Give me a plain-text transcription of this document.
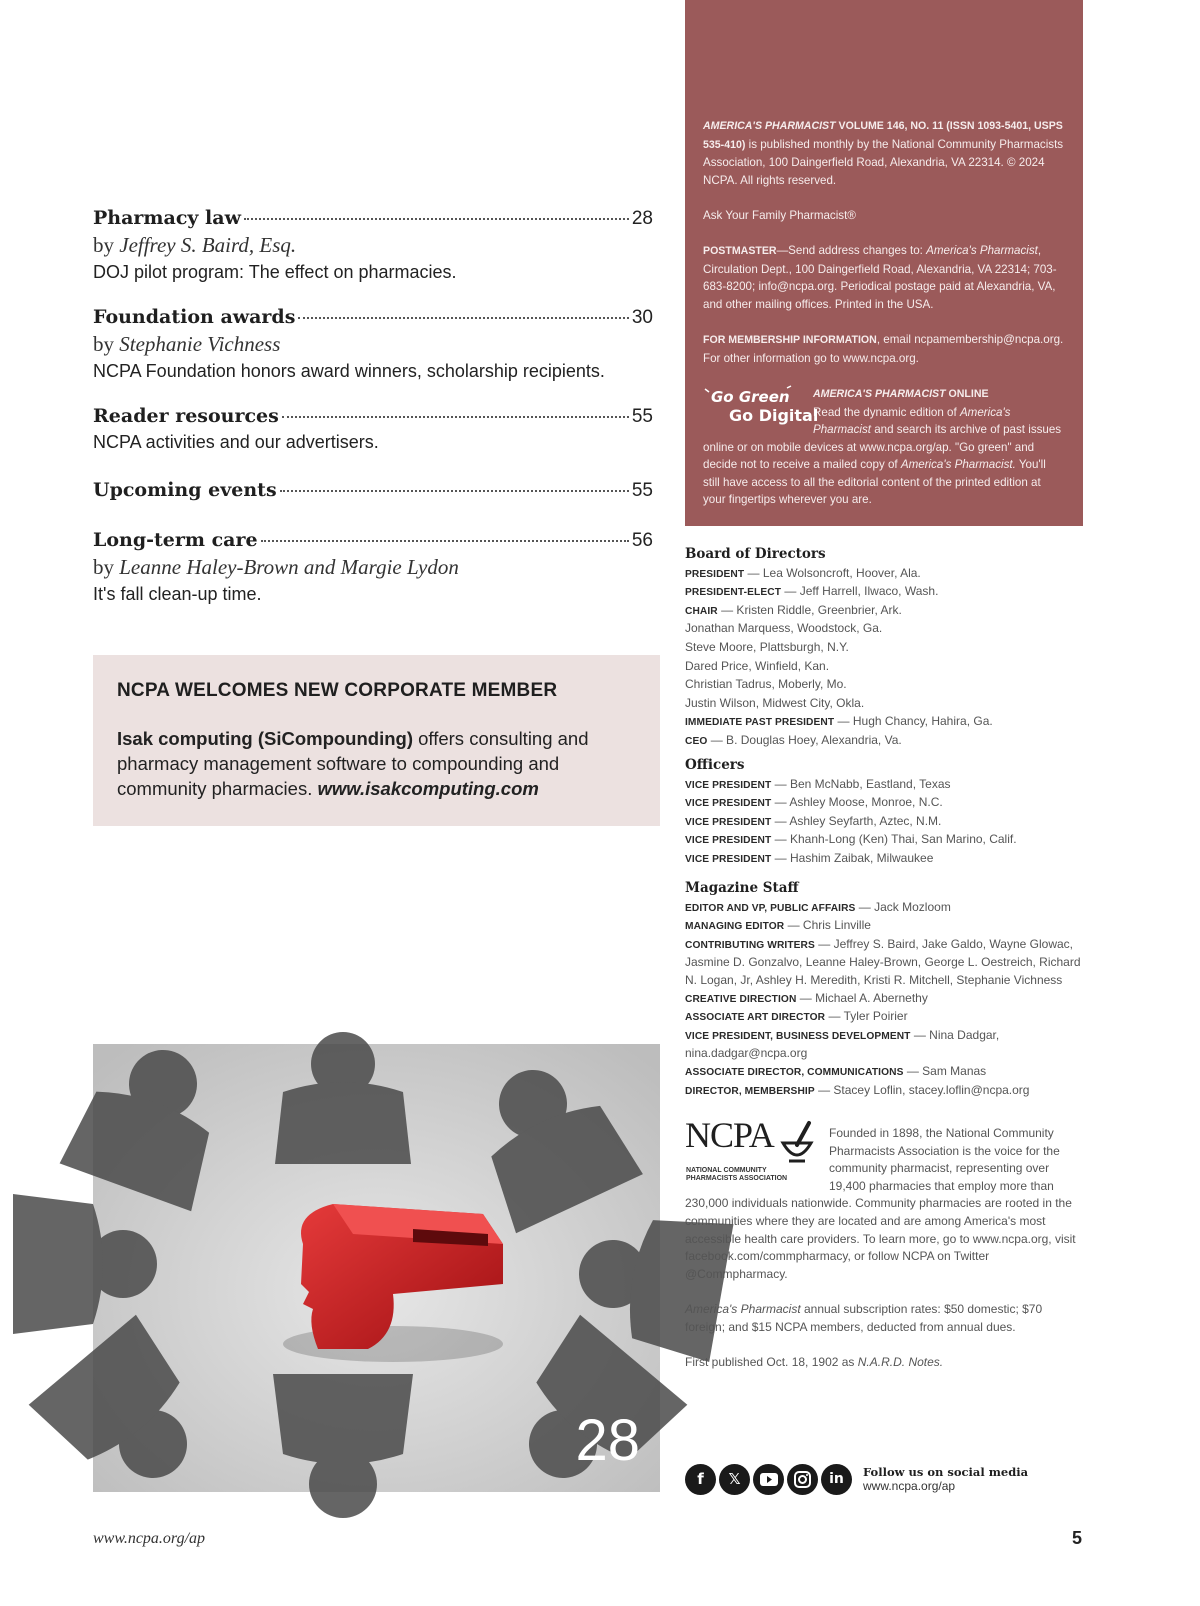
Pharmacy law	28
by Jeffrey S. Baird, Esq.
DOJ pilot program: The effect on pharmacies.
Foundation awards	30
by Stephanie Vichness
NCPA Foundation honors award winners, scholarship recipients.
Reader resources	55
NCPA activities and our advertisers.
Upcoming events	55
Long-term care	56
by Leanne Haley-Brown and Margie Lydon
It's fall clean-up time.
NCPA WELCOMES NEW CORPORATE MEMBER
Isak computing (SiCompounding) offers consulting and pharmacy management software to compounding and community pharmacies. www.isakcomputing.com
28

AMERICA'S PHARMACIST VOLUME 146, NO. 11 (ISSN 1093-5401, USPS 535-410) is published monthly by the National Community Pharmacists Association, 100 Daingerfield Road, Alexandria, VA 22314. © 2024 NCPA. All rights reserved.

Ask Your Family Pharmacist®

POSTMASTER—Send address changes to: America's Pharmacist, Circulation Dept., 100 Daingerfield Road, Alexandria, VA 22314; 703-683-8200; info@ncpa.org. Periodical postage paid at Alexandria, VA, and other mailing offices. Printed in the USA.

FOR MEMBERSHIP INFORMATION, email ncpamembership@ncpa.org. For other information go to www.ncpa.org.

Go Green
Go Digital
AMERICA'S PHARMACIST ONLINE
Read the dynamic edition of America's Pharmacist and search its archive of past issues online or on mobile devices at www.ncpa.org/ap. "Go green" and decide not to receive a mailed copy of America's Pharmacist. You'll still have access to all the editorial content of the printed edition at your fingertips wherever you are.
Board of Directors
PRESIDENT — Lea Wolsoncroft, Hoover, Ala.
PRESIDENT-ELECT — Jeff Harrell, Ilwaco, Wash.
CHAIR — Kristen Riddle, Greenbrier, Ark.
Jonathan Marquess, Woodstock, Ga.
Steve Moore, Plattsburgh, N.Y.
Dared Price, Winfield, Kan.
Christian Tadrus, Moberly, Mo.
Justin Wilson, Midwest City, Okla.
IMMEDIATE PAST PRESIDENT — Hugh Chancy, Hahira, Ga.
CEO — B. Douglas Hoey, Alexandria, Va.
Officers
VICE PRESIDENT — Ben McNabb, Eastland, Texas
VICE PRESIDENT — Ashley Moose, Monroe, N.C.
VICE PRESIDENT — Ashley Seyfarth, Aztec, N.M.
VICE PRESIDENT — Khanh-Long (Ken) Thai, San Marino, Calif.
VICE PRESIDENT — Hashim Zaibak, Milwaukee
Magazine Staff
EDITOR AND VP, PUBLIC AFFAIRS — Jack Mozloom
MANAGING EDITOR — Chris Linville
CONTRIBUTING WRITERS — Jeffrey S. Baird, Jake Galdo, Wayne Glowac, Jasmine D. Gonzalvo, Leanne Haley-Brown, George L. Oestreich, Richard N. Logan, Jr, Ashley H. Meredith, Kristi R. Mitchell, Stephanie Vichness
CREATIVE DIRECTION — Michael A. Abernethy
ASSOCIATE ART DIRECTOR — Tyler Poirier
VICE PRESIDENT, BUSINESS DEVELOPMENT — Nina Dadgar, nina.dadgar@ncpa.org
ASSOCIATE DIRECTOR, COMMUNICATIONS — Sam Manas
DIRECTOR, MEMBERSHIP — Stacey Loflin, stacey.loflin@ncpa.org
NCPA
NATIONAL COMMUNITY PHARMACISTS ASSOCIATION

Founded in 1898, the National Community Pharmacists Association is the voice for the community pharmacist, representing over 19,400 pharmacies that employ more than 230,000 individuals nationwide. Community pharmacies are rooted in the communities where they are located and are among America's most accessible health care providers. To learn more, go to www.ncpa.org, visit facebook.com/commpharmacy, or follow NCPA on Twitter @Commpharmacy.

America's Pharmacist annual subscription rates: $50 domestic; $70 foreign; and $15 NCPA members, deducted from annual dues.

First published Oct. 18, 1902 as N.A.R.D. Notes.

f	𝕏	in	Follow us on social media
www.ncpa.org/ap
www.ncpa.org/ap	5
